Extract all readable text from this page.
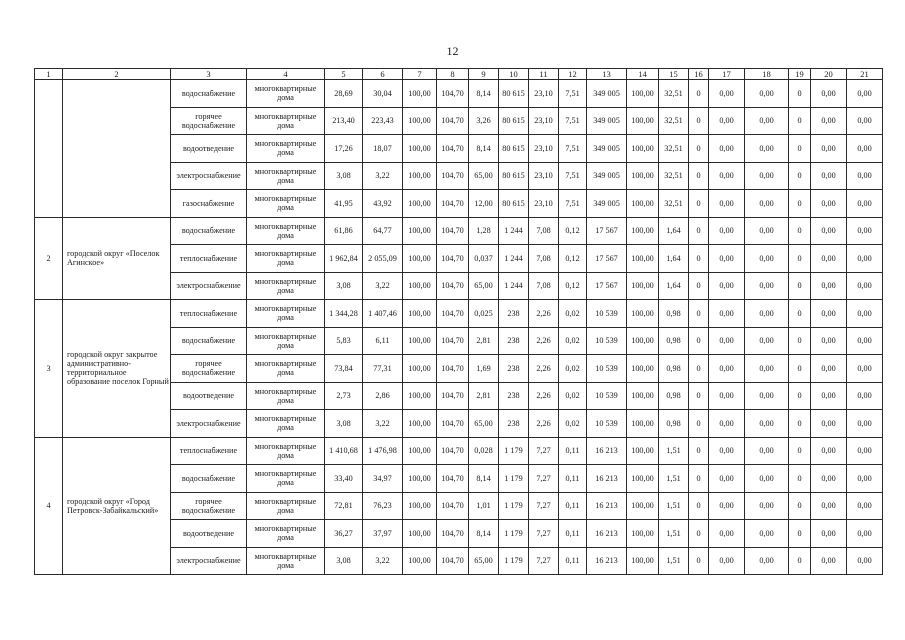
12
1	2	3	4	5	6	7	8	9	10	11	12	13	14	15	16	17	18	19	20	21
		водоснабжение	многоквартирные дома	28,69	30,04	100,00	104,70	8,14	80 615	23,10	7,51	349 005	100,00	32,51	0	0,00	0,00	0	0,00	0,00
		горячее водоснабжение	многоквартирные дома	213,40	223,43	100,00	104,70	3,26	80 615	23,10	7,51	349 005	100,00	32,51	0	0,00	0,00	0	0,00	0,00
		водоотведение	многоквартирные дома	17,26	18,07	100,00	104,70	8,14	80 615	23,10	7,51	349 005	100,00	32,51	0	0,00	0,00	0	0,00	0,00
		электроснабжение	многоквартирные дома	3,08	3,22	100,00	104,70	65,00	80 615	23,10	7,51	349 005	100,00	32,51	0	0,00	0,00	0	0,00	0,00
		газоснабжение	многоквартирные дома	41,95	43,92	100,00	104,70	12,00	80 615	23,10	7,51	349 005	100,00	32,51	0	0,00	0,00	0	0,00	0,00
2	городской округ «Поселок Агинское»	водоснабжение	многоквартирные дома	61,86	64,77	100,00	104,70	1,28	1 244	7,08	0,12	17 567	100,00	1,64	0	0,00	0,00	0	0,00	0,00
		теплоснабжение	многоквартирные дома	1 962,84	2 055,09	100,00	104,70	0,037	1 244	7,08	0,12	17 567	100,00	1,64	0	0,00	0,00	0	0,00	0,00
		электроснабжение	многоквартирные дома	3,08	3,22	100,00	104,70	65,00	1 244	7,08	0,12	17 567	100,00	1,64	0	0,00	0,00	0	0,00	0,00
3	городской округ закрытое административно-территориальное образование поселок Горный	теплоснабжение	многоквартирные дома	1 344,28	1 407,46	100,00	104,70	0,025	238	2,26	0,02	10 539	100,00	0,98	0	0,00	0,00	0	0,00	0,00
		водоснабжение	многоквартирные дома	5,83	6,11	100,00	104,70	2,81	238	2,26	0,02	10 539	100,00	0,98	0	0,00	0,00	0	0,00	0,00
		горячее водоснабжение	многоквартирные дома	73,84	77,31	100,00	104,70	1,69	238	2,26	0,02	10 539	100,00	0,98	0	0,00	0,00	0	0,00	0,00
		водоотведение	многоквартирные дома	2,73	2,86	100,00	104,70	2,81	238	2,26	0,02	10 539	100,00	0,98	0	0,00	0,00	0	0,00	0,00
		электроснабжение	многоквартирные дома	3,08	3,22	100,00	104,70	65,00	238	2,26	0,02	10 539	100,00	0,98	0	0,00	0,00	0	0,00	0,00
4	городской округ «Город Петровск-Забайкальский»	теплоснабжение	многоквартирные дома	1 410,68	1 476,98	100,00	104,70	0,028	1 179	7,27	0,11	16 213	100,00	1,51	0	0,00	0,00	0	0,00	0,00
		водоснабжение	многоквартирные дома	33,40	34,97	100,00	104,70	8,14	1 179	7,27	0,11	16 213	100,00	1,51	0	0,00	0,00	0	0,00	0,00
		горячее водоснабжение	многоквартирные дома	72,81	76,23	100,00	104,70	1,01	1 179	7,27	0,11	16 213	100,00	1,51	0	0,00	0,00	0	0,00	0,00
		водоотведение	многоквартирные дома	36,27	37,97	100,00	104,70	8,14	1 179	7,27	0,11	16 213	100,00	1,51	0	0,00	0,00	0	0,00	0,00
		электроснабжение	многоквартирные дома	3,08	3,22	100,00	104,70	65,00	1 179	7,27	0,11	16 213	100,00	1,51	0	0,00	0,00	0	0,00	0,00
